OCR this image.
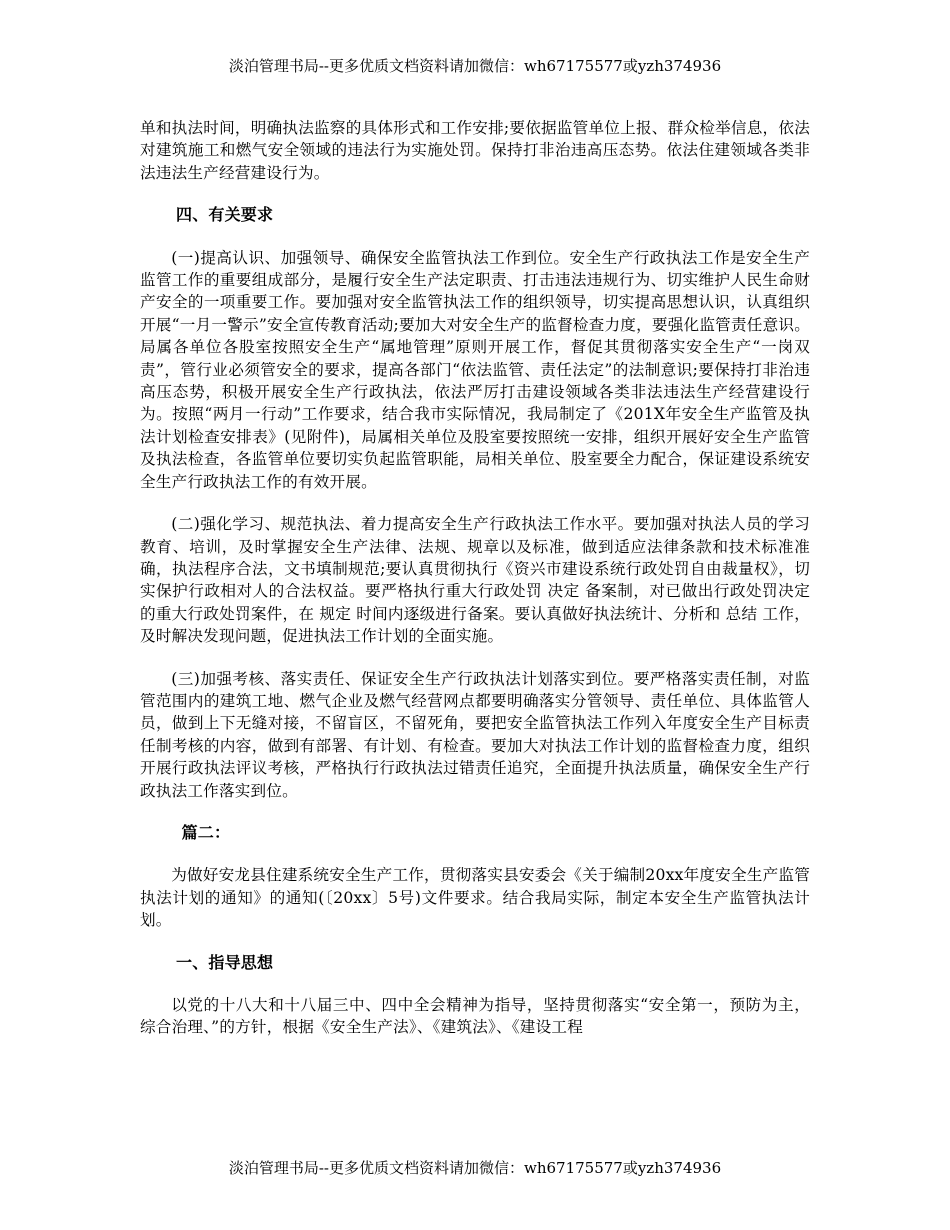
淡泊管理书局--更多优质文档资料请加微信：wh67175577或yzh374936

单和执法时间，明确执法监察的具体形式和工作安排;要依据监管单位上报、群众检举信息，依法对建筑施工和燃气安全领域的违法行为实施处罚。保持打非治违高压态势。依法住建领域各类非法违法生产经营建设行为。

四、有关要求

(一)提高认识、加强领导、确保安全监管执法工作到位。安全生产行政执法工作是安全生产监管工作的重要组成部分，是履行安全生产法定职责、打击违法违规行为、切实维护人民生命财产安全的一项重要工作。要加强对安全监管执法工作的组织领导，切实提高思想认识，认真组织开展“一月一警示”安全宣传教育活动;要加大对安全生产的监督检查力度，要强化监管责任意识。局属各单位各股室按照安全生产“属地管理”原则开展工作，督促其贯彻落实安全生产“一岗双责”，管行业必须管安全的要求，提高各部门“依法监管、责任法定”的法制意识;要保持打非治违高压态势，积极开展安全生产行政执法，依法严厉打击建设领域各类非法违法生产经营建设行为。按照“两月一行动”工作要求，结合我市实际情况，我局制定了《201X年安全生产监管及执法计划检查安排表》(见附件)，局属相关单位及股室要按照统一安排，组织开展好安全生产监管及执法检查，各监管单位要切实负起监管职能，局相关单位、股室要全力配合，保证建设系统安全生产行政执法工作的有效开展。

(二)强化学习、规范执法、着力提高安全生产行政执法工作水平。要加强对执法人员的学习教育、培训，及时掌握安全生产法律、法规、规章以及标准，做到适应法律条款和技术标准准确，执法程序合法，文书填制规范;要认真贯彻执行《资兴市建设系统行政处罚自由裁量权》，切实保护行政相对人的合法权益。要严格执行重大行政处罚 决定 备案制，对已做出行政处罚决定的重大行政处罚案件，在 规定 时间内逐级进行备案。要认真做好执法统计、分析和 总结 工作，及时解决发现问题，促进执法工作计划的全面实施。

(三)加强考核、落实责任、保证安全生产行政执法计划落实到位。要严格落实责任制，对监管范围内的建筑工地、燃气企业及燃气经营网点都要明确落实分管领导、责任单位、具体监管人员，做到上下无缝对接，不留盲区，不留死角，要把安全监管执法工作列入年度安全生产目标责任制考核的内容，做到有部署、有计划、有检查。要加大对执法工作计划的监督检查力度，组织开展行政执法评议考核，严格执行行政执法过错责任追究，全面提升执法质量，确保安全生产行政执法工作落实到位。

篇二：

为做好安龙县住建系统安全生产工作，贯彻落实县安委会《关于编制20xx年度安全生产监管执法计划的通知》的通知(〔20xx〕5号)文件要求。结合我局实际，制定本安全生产监管执法计划。

一、指导思想

以党的十八大和十八届三中、四中全会精神为指导，坚持贯彻落实“安全第一，预防为主，综合治理、”的方针，根据《安全生产法》、《建筑法》、《建设工程

淡泊管理书局--更多优质文档资料请加微信：wh67175577或yzh374936
